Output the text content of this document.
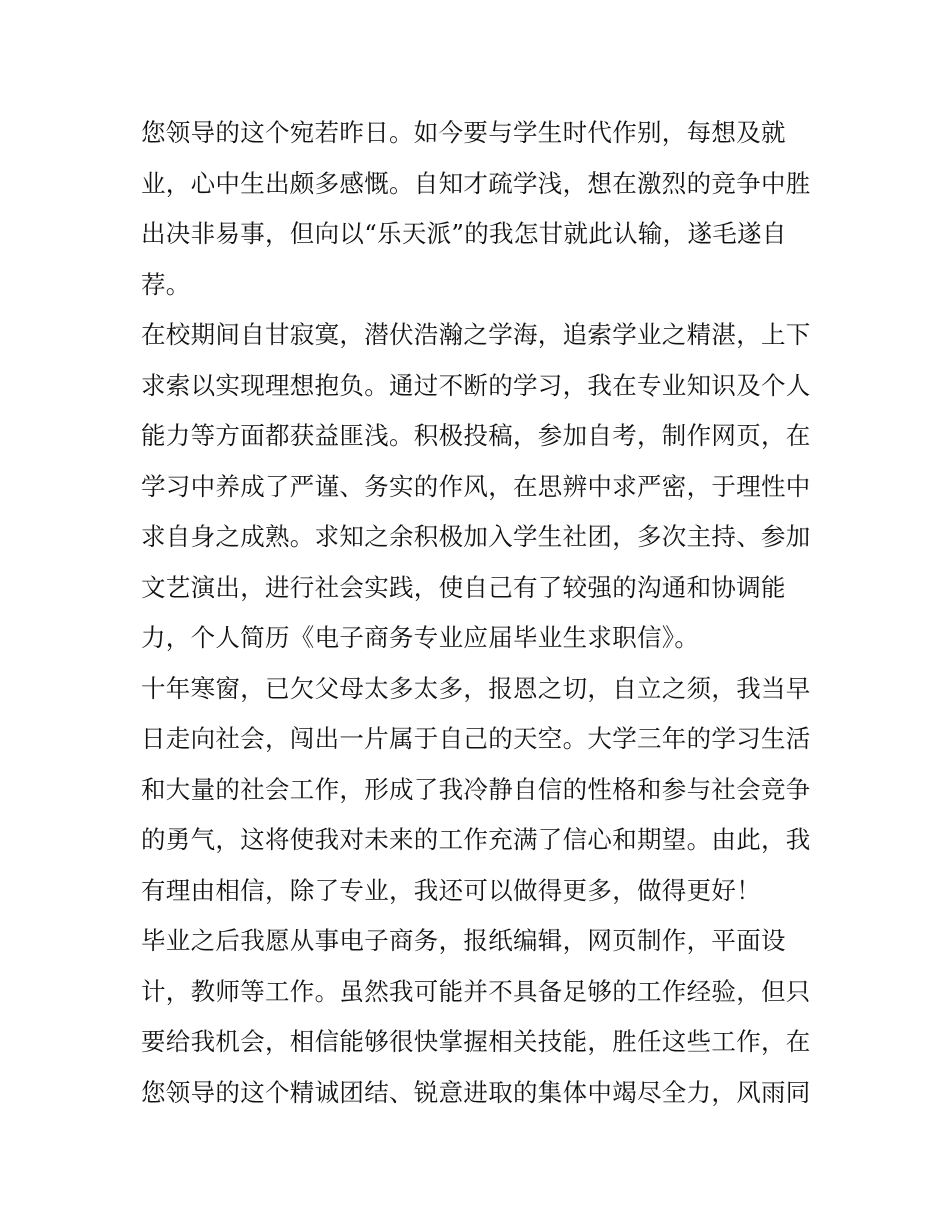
您领导的这个宛若昨日。如今要与学生时代作别，每想及就
业，心中生出颇多感慨。自知才疏学浅，想在激烈的竞争中胜
出决非易事，但向以“乐天派”的我怎甘就此认输，遂毛遂自
荐。
在校期间自甘寂寞，潜伏浩瀚之学海，追索学业之精湛，上下
求索以实现理想抱负。通过不断的学习，我在专业知识及个人
能力等方面都获益匪浅。积极投稿，参加自考，制作网页，在
学习中养成了严谨、务实的作风，在思辨中求严密，于理性中
求自身之成熟。求知之余积极加入学生社团，多次主持、参加
文艺演出，进行社会实践，使自己有了较强的沟通和协调能
力，个人简历《电子商务专业应届毕业生求职信》。
十年寒窗，已欠父母太多太多，报恩之切，自立之须，我当早
日走向社会，闯出一片属于自己的天空。大学三年的学习生活
和大量的社会工作，形成了我冷静自信的性格和参与社会竞争
的勇气，这将使我对未来的工作充满了信心和期望。由此，我
有理由相信，除了专业，我还可以做得更多，做得更好！
毕业之后我愿从事电子商务，报纸编辑，网页制作，平面设
计，教师等工作。虽然我可能并不具备足够的工作经验，但只
要给我机会，相信能够很快掌握相关技能，胜任这些工作，在
您领导的这个精诚团结、锐意进取的集体中竭尽全力，风雨同
